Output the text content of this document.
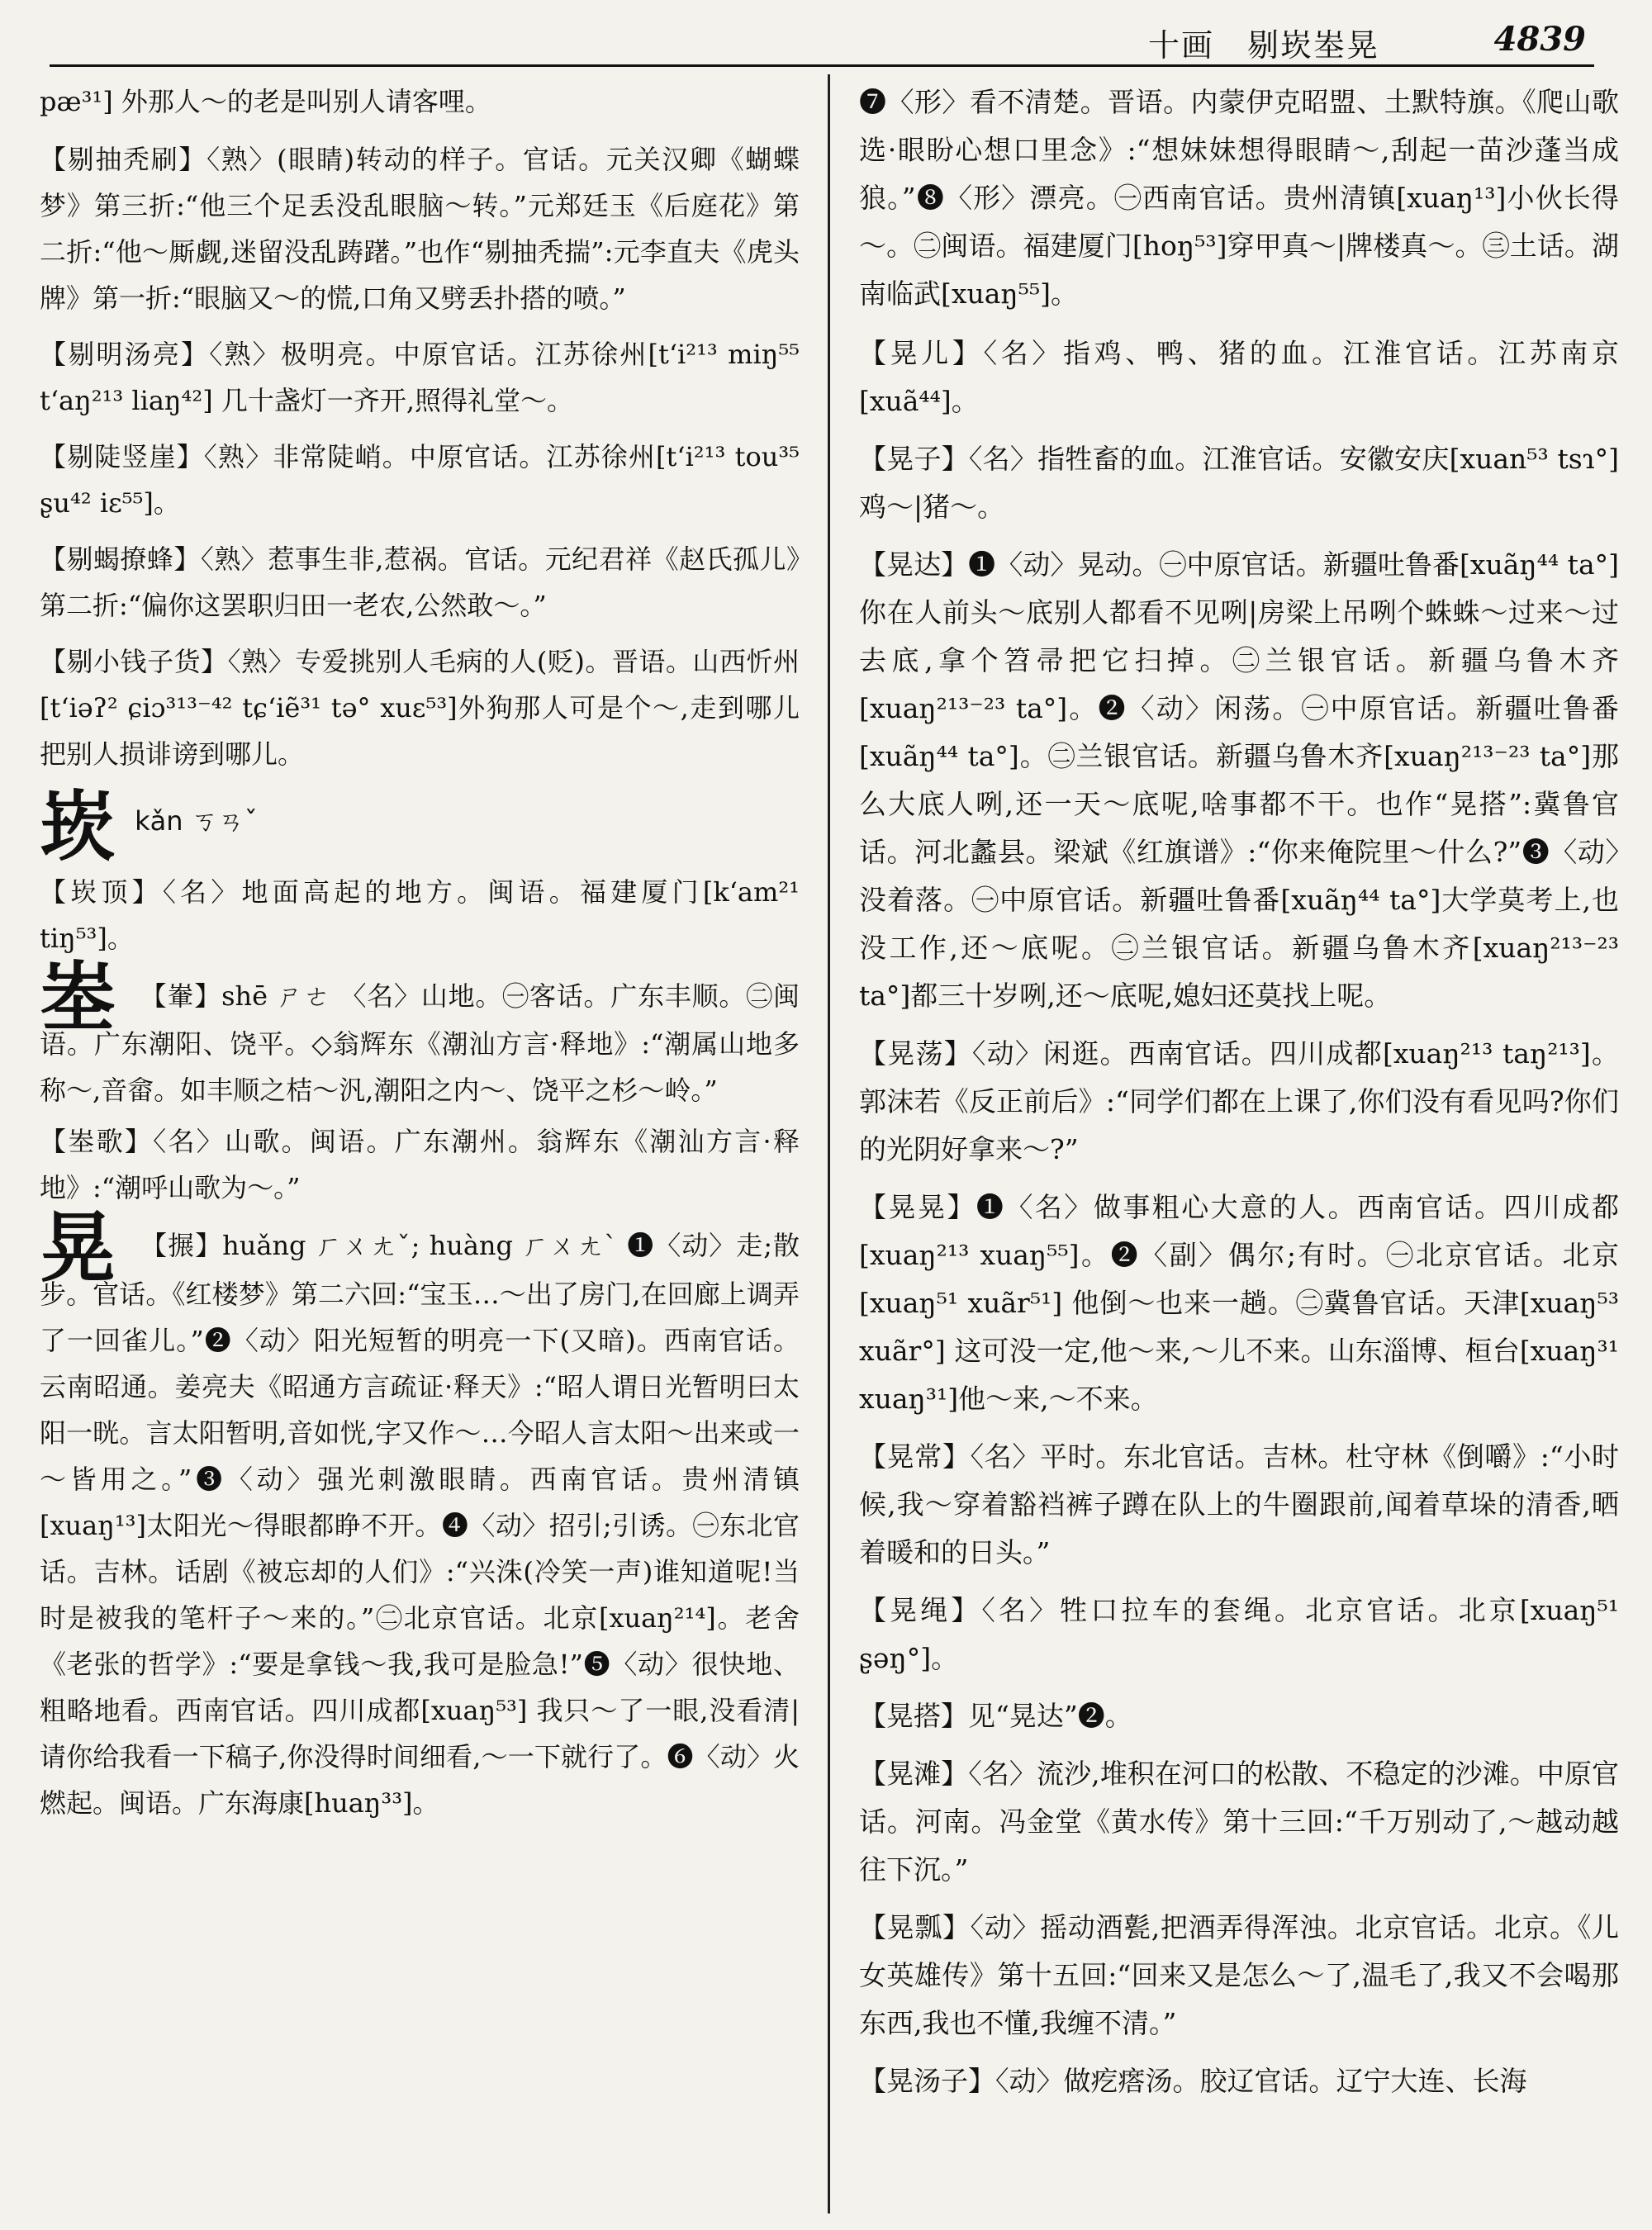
十画　剔崁峚晃	4839
pæ³¹] 外那人～的老是叫别人请客哩。
【剔抽秃刷】〈熟〉(眼睛)转动的样子。官话。元关汉卿《蝴蝶梦》第三折:“他三个足丢没乱眼脑～转。”元郑廷玉《后庭花》第二折:“他～厮觑,迷留没乱踌躇。”也作“剔抽秃揣”:元李直夫《虎头牌》第一折:“眼脑又～的慌,口角又劈丢扑搭的喷。”
【剔明汤亮】〈熟〉极明亮。中原官话。江苏徐州[t‘i²¹³ miŋ⁵⁵ t‘aŋ²¹³ liaŋ⁴²] 几十盏灯一齐开,照得礼堂～。
【剔陡竖崖】〈熟〉非常陡峭。中原官话。江苏徐州[t‘i²¹³ tou³⁵ ʂu⁴² iɛ⁵⁵]。
【剔蝎撩蜂】〈熟〉惹事生非,惹祸。官话。元纪君祥《赵氏孤儿》第二折:“偏你这罢职归田一老农,公然敢～。”
【剔小钱子货】〈熟〉专爱挑别人毛病的人(贬)。晋语。山西忻州[t‘iəʔ² ɕiɔ³¹³⁻⁴² tɕ‘iẽ³¹ tə° xuɛ⁵³]外狗那人可是个～,走到哪儿把别人损诽谤到哪儿。
崁 kǎn ㄎㄢˇ
【崁顶】〈名〉地面高起的地方。闽语。福建厦门[k‘am²¹ tiŋ⁵³]。
峚 【輋】shē ㄕㄜ 〈名〉山地。㊀客话。广东丰顺。㊁闽语。广东潮阳、饶平。◇翁辉东《潮汕方言·释地》:“潮属山地多称～,音畲。如丰顺之桔～汎,潮阳之内～、饶平之杉～岭。”
【峚歌】〈名〉山歌。闽语。广东潮州。翁辉东《潮汕方言·释地》:“潮呼山歌为～。”
晃 【搌】huǎng ㄏㄨㄤˇ; huàng ㄏㄨㄤˋ ❶〈动〉走;散步。官话。《红楼梦》第二六回:“宝玉…～出了房门,在回廊上调弄了一回雀儿。”❷〈动〉阳光短暂的明亮一下(又暗)。西南官话。云南昭通。姜亮夫《昭通方言疏证·释天》:“昭人谓日光暂明曰太阳一晄。言太阳暂明,音如恍,字又作～…今昭人言太阳～出来或一～皆用之。”❸〈动〉强光刺激眼睛。西南官话。贵州清镇[xuaŋ¹³]太阳光～得眼都睁不开。❹〈动〉招引;引诱。㊀东北官话。吉林。话剧《被忘却的人们》:“兴洙(冷笑一声)谁知道呢!当时是被我的笔杆子～来的。”㊁北京官话。北京[xuaŋ²¹⁴]。老舍《老张的哲学》:“要是拿钱～我,我可是脸急!”❺〈动〉很快地、粗略地看。西南官话。四川成都[xuaŋ⁵³] 我只～了一眼,没看清|请你给我看一下稿子,你没得时间细看,～一下就行了。❻〈动〉火燃起。闽语。广东海康[huaŋ³³]。
❼〈形〉看不清楚。晋语。内蒙伊克昭盟、土默特旗。《爬山歌选·眼盼心想口里念》:“想妹妹想得眼睛～,刮起一苗沙蓬当成狼。”❽〈形〉漂亮。㊀西南官话。贵州清镇[xuaŋ¹³]小伙长得～。㊁闽语。福建厦门[hoŋ⁵³]穿甲真～|牌楼真～。㊂土话。湖南临武[xuaŋ⁵⁵]。
【晃儿】〈名〉指鸡、鸭、猪的血。江淮官话。江苏南京[xuã⁴⁴]。
【晃子】〈名〉指牲畜的血。江淮官话。安徽安庆[xuan⁵³ tsɿ°] 鸡～|猪～。
【晃达】❶〈动〉晃动。㊀中原官话。新疆吐鲁番[xuãŋ⁴⁴ ta°] 你在人前头～底别人都看不见咧|房梁上吊咧个蛛蛛～过来～过去底,拿个笤帚把它扫掉。㊁兰银官话。新疆乌鲁木齐[xuaŋ²¹³⁻²³ ta°]。❷〈动〉闲荡。㊀中原官话。新疆吐鲁番[xuãŋ⁴⁴ ta°]。㊁兰银官话。新疆乌鲁木齐[xuaŋ²¹³⁻²³ ta°]那么大底人咧,还一天～底呢,啥事都不干。也作“晃搭”:冀鲁官话。河北蠡县。梁斌《红旗谱》:“你来俺院里～什么?”❸〈动〉没着落。㊀中原官话。新疆吐鲁番[xuãŋ⁴⁴ ta°]大学莫考上,也没工作,还～底呢。㊁兰银官话。新疆乌鲁木齐[xuaŋ²¹³⁻²³ ta°]都三十岁咧,还～底呢,媳妇还莫找上呢。
【晃荡】〈动〉闲逛。西南官话。四川成都[xuaŋ²¹³ taŋ²¹³]。郭沫若《反正前后》:“同学们都在上课了,你们没有看见吗?你们的光阴好拿来～?”
【晃晃】❶〈名〉做事粗心大意的人。西南官话。四川成都[xuaŋ²¹³ xuaŋ⁵⁵]。❷〈副〉偶尔;有时。㊀北京官话。北京[xuaŋ⁵¹ xuãr⁵¹] 他倒～也来一趟。㊁冀鲁官话。天津[xuaŋ⁵³ xuãr°] 这可没一定,他～来,～儿不来。山东淄博、桓台[xuaŋ³¹ xuaŋ³¹]他～来,～不来。
【晃常】〈名〉平时。东北官话。吉林。杜守林《倒嚼》:“小时候,我～穿着豁裆裤子蹲在队上的牛圈跟前,闻着草垛的清香,晒着暖和的日头。”
【晃绳】〈名〉牲口拉车的套绳。北京官话。北京[xuaŋ⁵¹ ʂəŋ°]。
【晃搭】见“晃达”❷。
【晃滩】〈名〉流沙,堆积在河口的松散、不稳定的沙滩。中原官话。河南。冯金堂《黄水传》第十三回:“千万别动了,～越动越往下沉。”
【晃瓢】〈动〉摇动酒甏,把酒弄得浑浊。北京官话。北京。《儿女英雄传》第十五回:“回来又是怎么～了,温毛了,我又不会喝那东西,我也不懂,我缠不清。”
【晃汤子】〈动〉做疙瘩汤。胶辽官话。辽宁大连、长海
